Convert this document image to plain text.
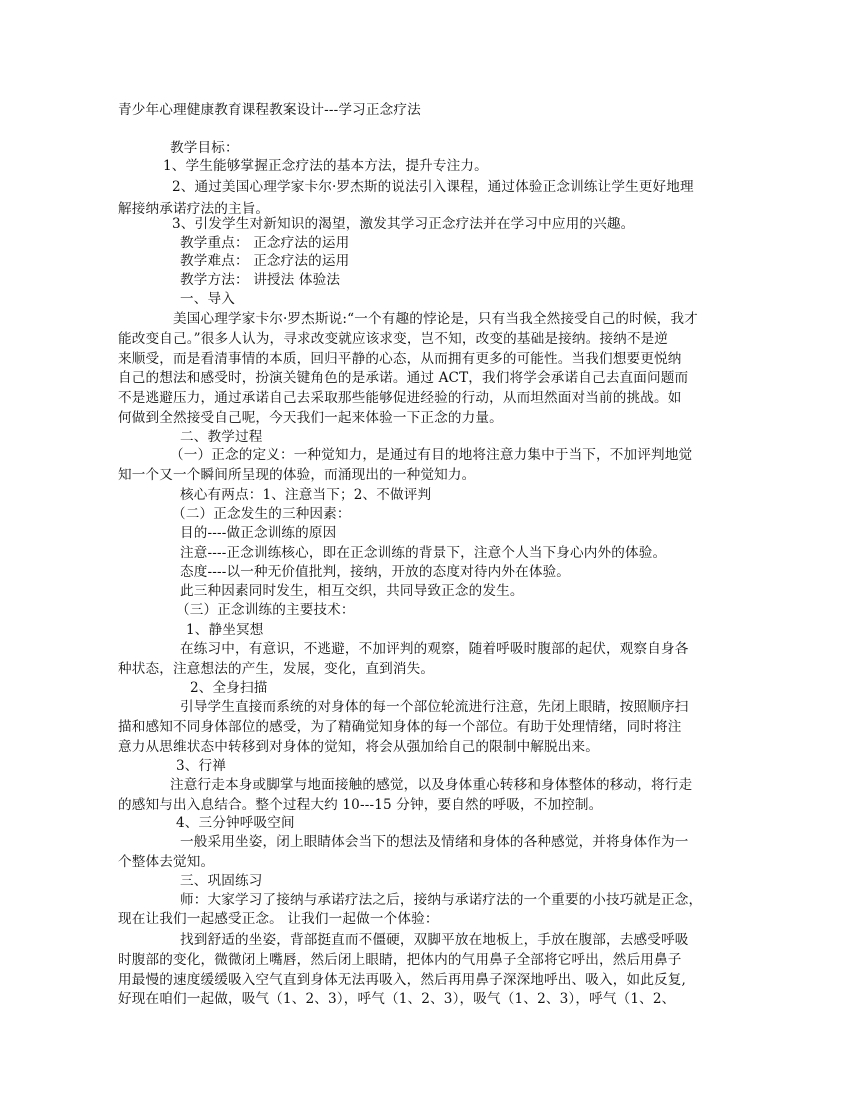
青少年心理健康教育课程教案设计---学习正念疗法
教学目标：
1、学生能够掌握正念疗法的基本方法，提升专注力。
2、通过美国心理学家卡尔·罗杰斯的说法引入课程，通过体验正念训练让学生更好地理
解接纳承诺疗法的主旨。
3、引发学生对新知识的渴望，激发其学习正念疗法并在学习中应用的兴趣。
教学重点： 正念疗法的运用
教学难点： 正念疗法的运用
教学方法： 讲授法 体验法
一、导入
美国心理学家卡尔·罗杰斯说:“一个有趣的悖论是，只有当我全然接受自己的时候，我才
能改变自己。”很多人认为，寻求改变就应该求变，岂不知，改变的基础是接纳。接纳不是逆
来顺受，而是看清事情的本质，回归平静的心态，从而拥有更多的可能性。当我们想要更悦纳
自己的想法和感受时，扮演关键角色的是承诺。通过 ACT，我们将学会承诺自己去直面问题而
不是逃避压力，通过承诺自己去采取那些能够促进经验的行动，从而坦然面对当前的挑战。如
何做到全然接受自己呢，今天我们一起来体验一下正念的力量。
二、教学过程
（一）正念的定义：一种觉知力，是通过有目的地将注意力集中于当下，不加评判地觉
知一个又一个瞬间所呈现的体验，而涌现出的一种觉知力。
核心有两点：1、注意当下；2、不做评判
（二）正念发生的三种因素：
目的----做正念训练的原因
注意----正念训练核心，即在正念训练的背景下，注意个人当下身心内外的体验。
态度----以一种无价值批判，接纳，开放的态度对待内外在体验。
此三种因素同时发生，相互交织，共同导致正念的发生。
（三）正念训练的主要技术：
1、静坐冥想
在练习中，有意识，不逃避，不加评判的观察，随着呼吸时腹部的起伏，观察自身各
种状态，注意想法的产生，发展，变化，直到消失。
2、全身扫描
引导学生直接而系统的对身体的每一个部位轮流进行注意，先闭上眼睛，按照顺序扫
描和感知不同身体部位的感受，为了精确觉知身体的每一个部位。有助于处理情绪，同时将注
意力从思维状态中转移到对身体的觉知，将会从强加给自己的限制中解脱出来。
3、行禅
注意行走本身或脚掌与地面接触的感觉，以及身体重心转移和身体整体的移动，将行走
的感知与出入息结合。整个过程大约 10---15 分钟，要自然的呼吸，不加控制。
4、三分钟呼吸空间
一般采用坐姿，闭上眼睛体会当下的想法及情绪和身体的各种感觉，并将身体作为一
个整体去觉知。
三、巩固练习
师：大家学习了接纳与承诺疗法之后，接纳与承诺疗法的一个重要的小技巧就是正念，
现在让我们一起感受正念。 让我们一起做一个体验：
找到舒适的坐姿，背部挺直而不僵硬，双脚平放在地板上，手放在腹部，去感受呼吸
时腹部的变化，微微闭上嘴唇，然后闭上眼睛，把体内的气用鼻子全部将它呼出，然后用鼻子
用最慢的速度缓缓吸入空气直到身体无法再吸入，然后再用鼻子深深地呼出、吸入，如此反复,
好现在咱们一起做，吸气（1、2、3），呼气（1、2、3），吸气（1、2、3），呼气（1、2、
